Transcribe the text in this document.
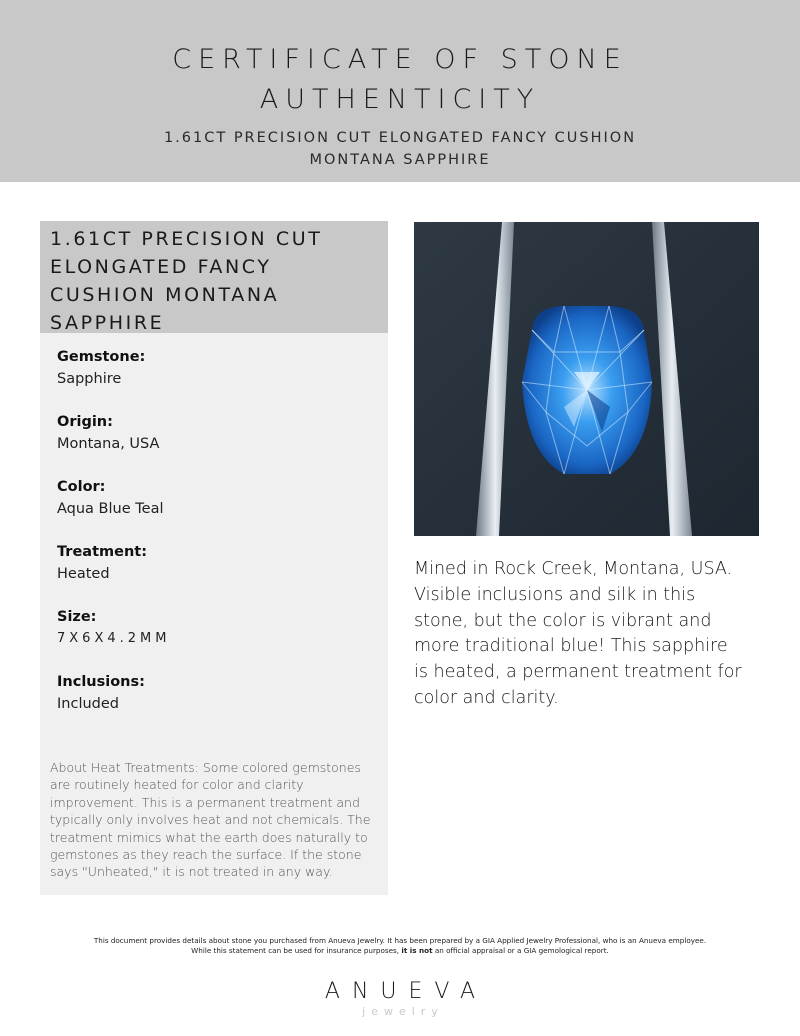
CERTIFICATE OF STONE
AUTHENTICITY
1.61CT PRECISION CUT ELONGATED FANCY CUSHION
MONTANA SAPPHIRE
1.61CT PRECISION CUT
ELONGATED FANCY
CUSHION MONTANA
SAPPHIRE
Gemstone:
Sapphire
Origin:
Montana, USA
Color:
Aqua Blue Teal
Treatment:
Heated
Size:
7X6X4.2MM
Inclusions:
Included
About Heat Treatments: Some colored gemstones are routinely heated for color and clarity improvement. This is a permanent treatment and typically only involves heat and not chemicals. The treatment mimics what the earth does naturally to gemstones as they reach the surface. If the stone says "Unheated," it is not treated in any way.
Mined in Rock Creek, Montana, USA. Visible inclusions and silk in this stone, but the color is vibrant and more traditional blue! This sapphire is heated, a permanent treatment for color and clarity.
This document provides details about stone you purchased from Anueva Jewelry. It has been prepared by a GIA Applied Jewelry Professional, who is an Anueva employee.
While this statement can be used for insurance purposes, it is not an official appraisal or a GIA gemological report.
ANUEVA
jewelry
